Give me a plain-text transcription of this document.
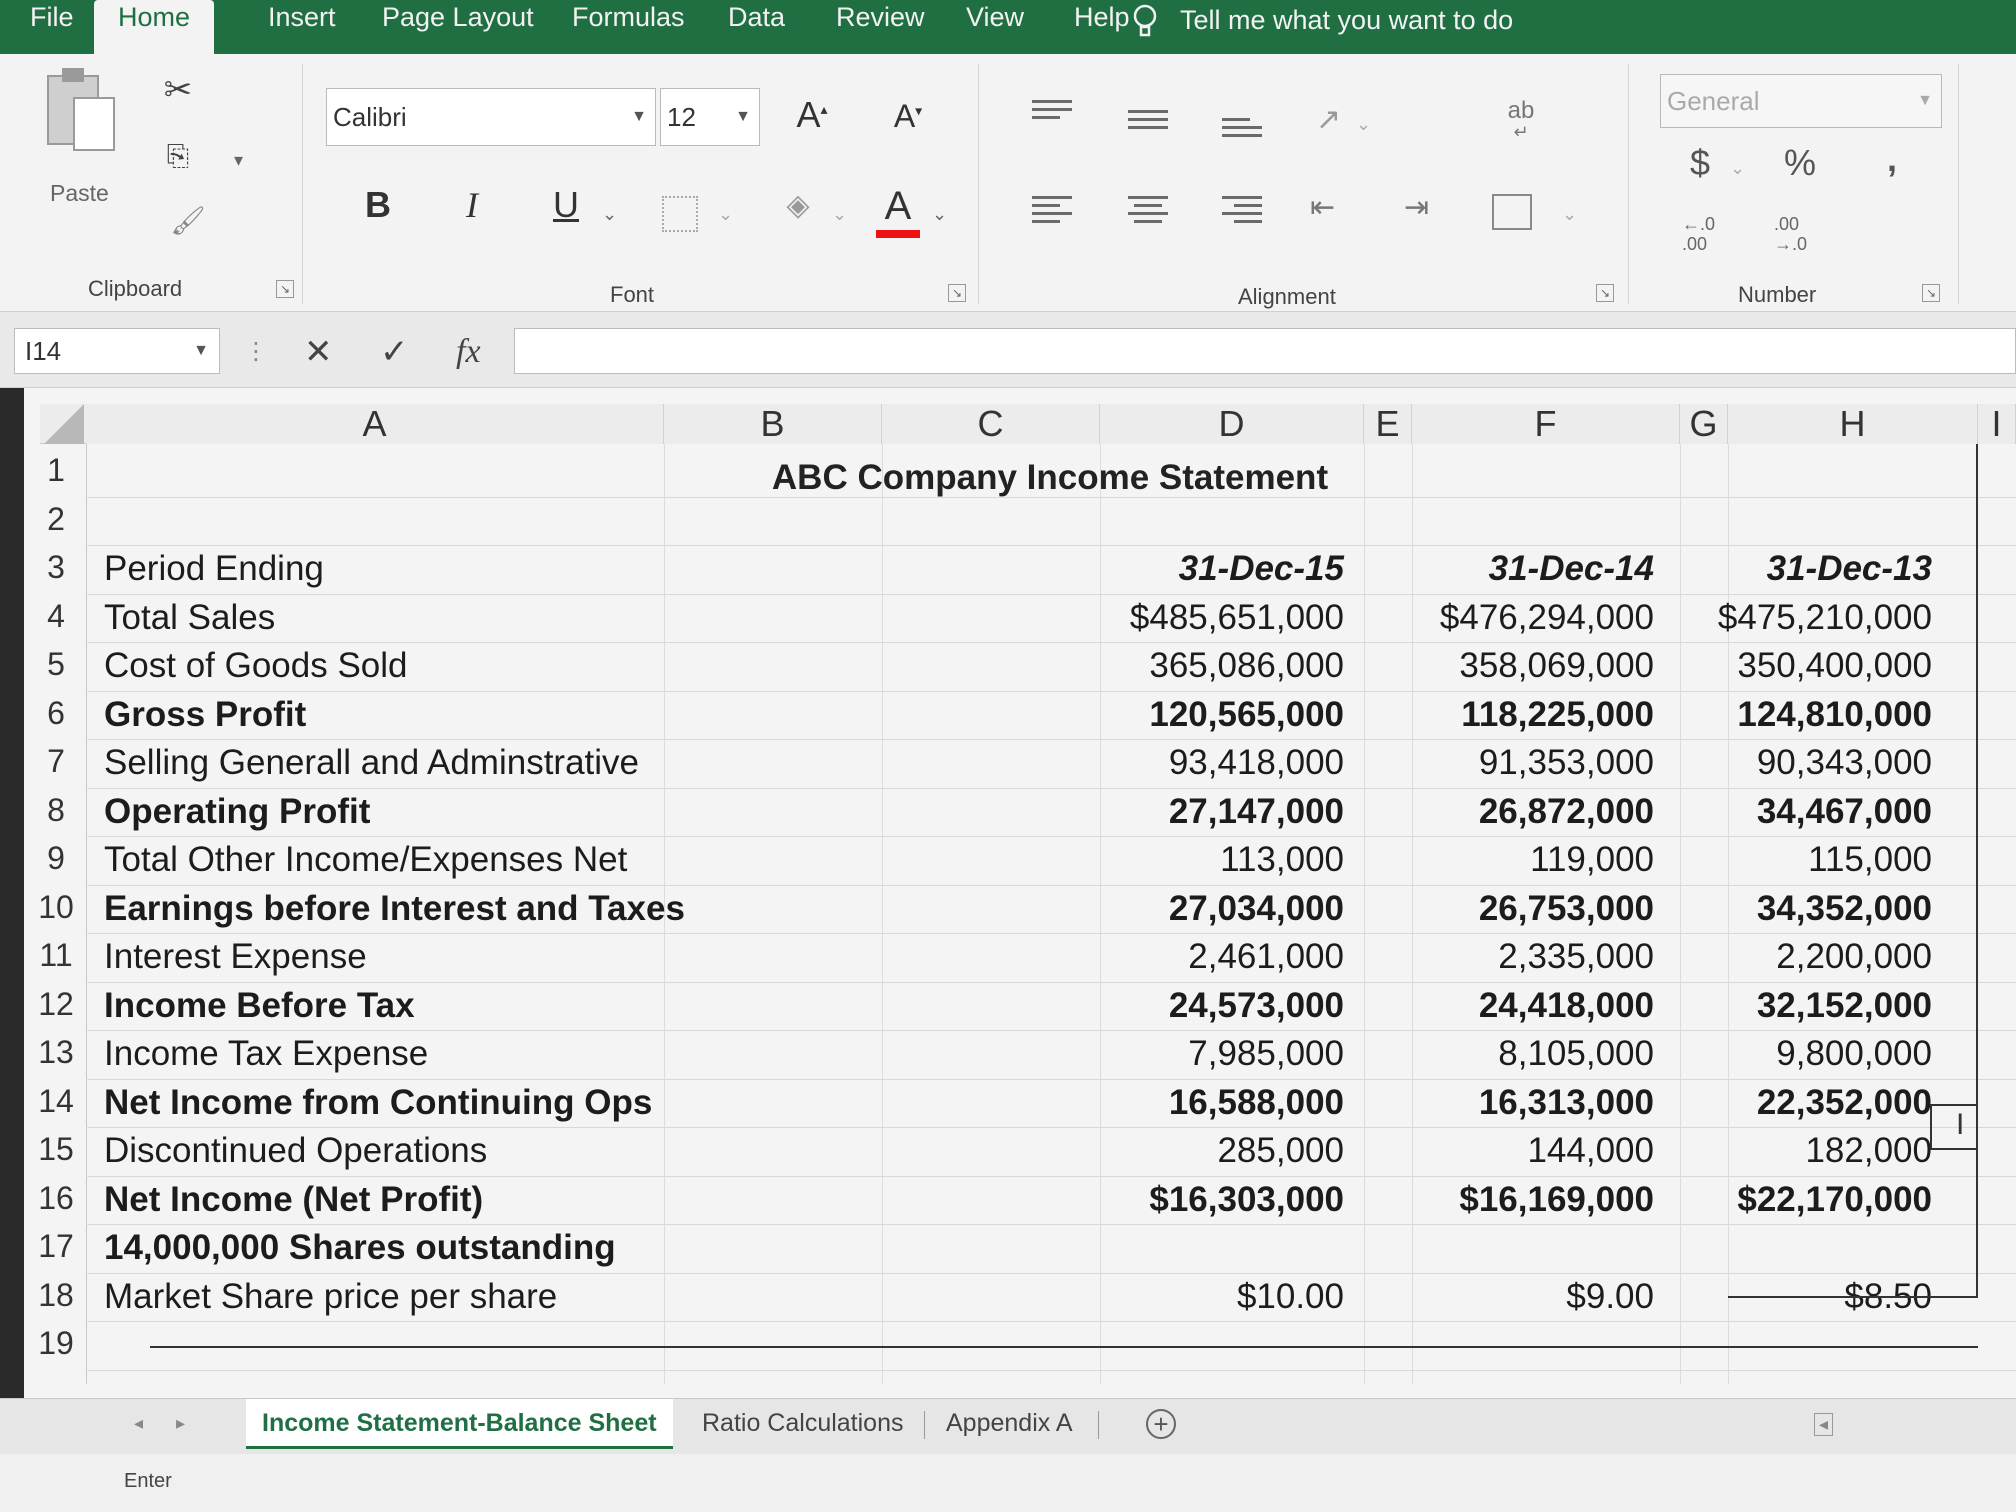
File	Home	Insert Page Layout Formulas Data Review View Help Tell me what you want to do
Paste
✂
⎘	▾
🖌
Clipboard	↘
Calibri	▼ 12 ▼ A▴ A▾
B	I	U	⌄	⌄ ◈	⌄ A	⌄
Font	↘
↗ ⌄	ab
↵
⇤ ⇥	⌄
Alignment	↘
General	▼
$	⌄ %	,
←.0 .00
.00 →.0
Number	↘
I14	▼ ⋮ ✕ ✓ fx
A	B	C	D	E	F	G	H	I
1
2
3	Period Ending	31-Dec-15	31-Dec-14	31-Dec-13
4	Total Sales	$485,651,000	$476,294,000 $475,210,000
5	Cost of Goods Sold	365,086,000	358,069,000	350,400,000
6	Gross Profit	120,565,000	118,225,000	124,810,000
7	Selling Generall and Adminstrative	93,418,000	91,353,000	90,343,000
8	Operating Profit	27,147,000	26,872,000	34,467,000
9	Total Other Income/Expenses Net	113,000	119,000	115,000
10 Earnings before Interest and Taxes	27,034,000	26,753,000	34,352,000
11 Interest Expense	2,461,000	2,335,000	2,200,000
12 Income Before Tax	24,573,000	24,418,000	32,152,000
13 Income Tax Expense	7,985,000	8,105,000	9,800,000
14 Net Income from Continuing Ops	16,588,000	16,313,000	22,352,000
15 Discontinued Operations	285,000	144,000	182,000
16 Net Income (Net Profit)	$16,303,000	$16,169,000	$22,170,000
17 14,000,000 Shares outstanding
18 Market Share price per share	$10.00	$9.00	$8.50
19
ABC Company Income Statement
I
◂ ▸	Income Statement-Balance Sheet	Ratio Calculations	Appendix A	+	◂
Enter
